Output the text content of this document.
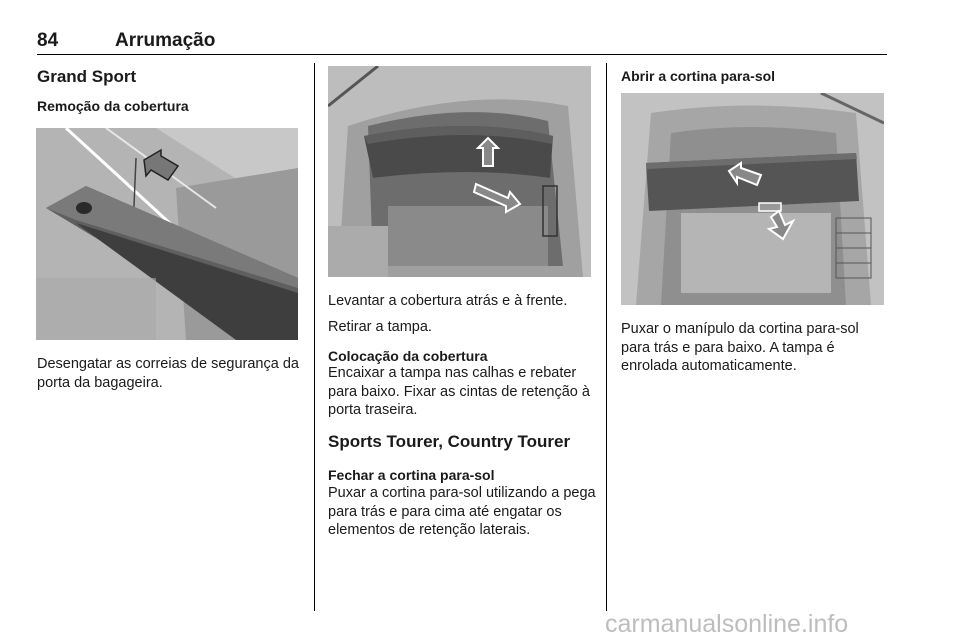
84	Arrumação
Grand Sport
Remoção da cobertura
Desengatar as correias de segurança da porta da bagageira.
Levantar a cobertura atrás e à frente.
Retirar a tampa.
Colocação da cobertura
Encaixar a tampa nas calhas e rebater para baixo. Fixar as cintas de retenção à porta traseira.
Sports Tourer, Country Tourer
Fechar a cortina para-sol
Puxar a cortina para-sol utilizando a pega para trás e para cima até engatar os elementos de retenção laterais.
Abrir a cortina para-sol
Puxar o manípulo da cortina para-sol para trás e para baixo. A tampa é enrolada automaticamente.
carmanualsonline.info
